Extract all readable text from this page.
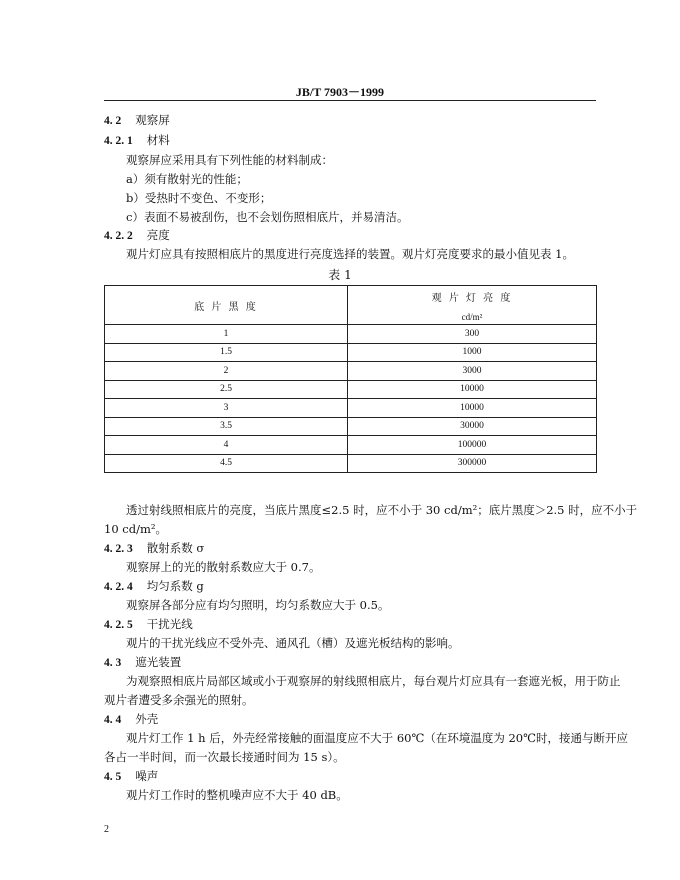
JB/T 7903－1999
4. 2 观察屏
4. 2. 1 材料
观察屏应采用具有下列性能的材料制成：
a）须有散射光的性能；
b）受热时不变色、不变形；
c）表面不易被刮伤，也不会划伤照相底片，并易清洁。
4. 2. 2 亮度
观片灯应具有按照相底片的黑度进行亮度选择的装置。观片灯亮度要求的最小值见表 1。
表 1
底 片 黑 度	观 片 灯 亮 度
cd/m²

1	300
1.5	1000
2	3000
2.5	10000
3	10000
3.5	30000
4	100000
4.5	300000
透过射线照相底片的亮度，当底片黑度≤2.5 时，应不小于 30 cd/m²；底片黑度＞2.5 时，应不小于
10 cd/m²。
4. 2. 3 散射系数 σ
观察屏上的光的散射系数应大于 0.7。
4. 2. 4 均匀系数 g
观察屏各部分应有均匀照明，均匀系数应大于 0.5。
4. 2. 5 干扰光线
观片的干扰光线应不受外壳、通风孔（槽）及遮光板结构的影响。
4. 3 遮光装置
为观察照相底片局部区域或小于观察屏的射线照相底片，每台观片灯应具有一套遮光板，用于防止
观片者遭受多余强光的照射。
4. 4 外壳
观片灯工作 1 h 后，外壳经常接触的面温度应不大于 60℃（在环境温度为 20℃时，接通与断开应
各占一半时间，而一次最长接通时间为 15 s）。
4. 5 噪声
观片灯工作时的整机噪声应不大于 40 dB。
2
